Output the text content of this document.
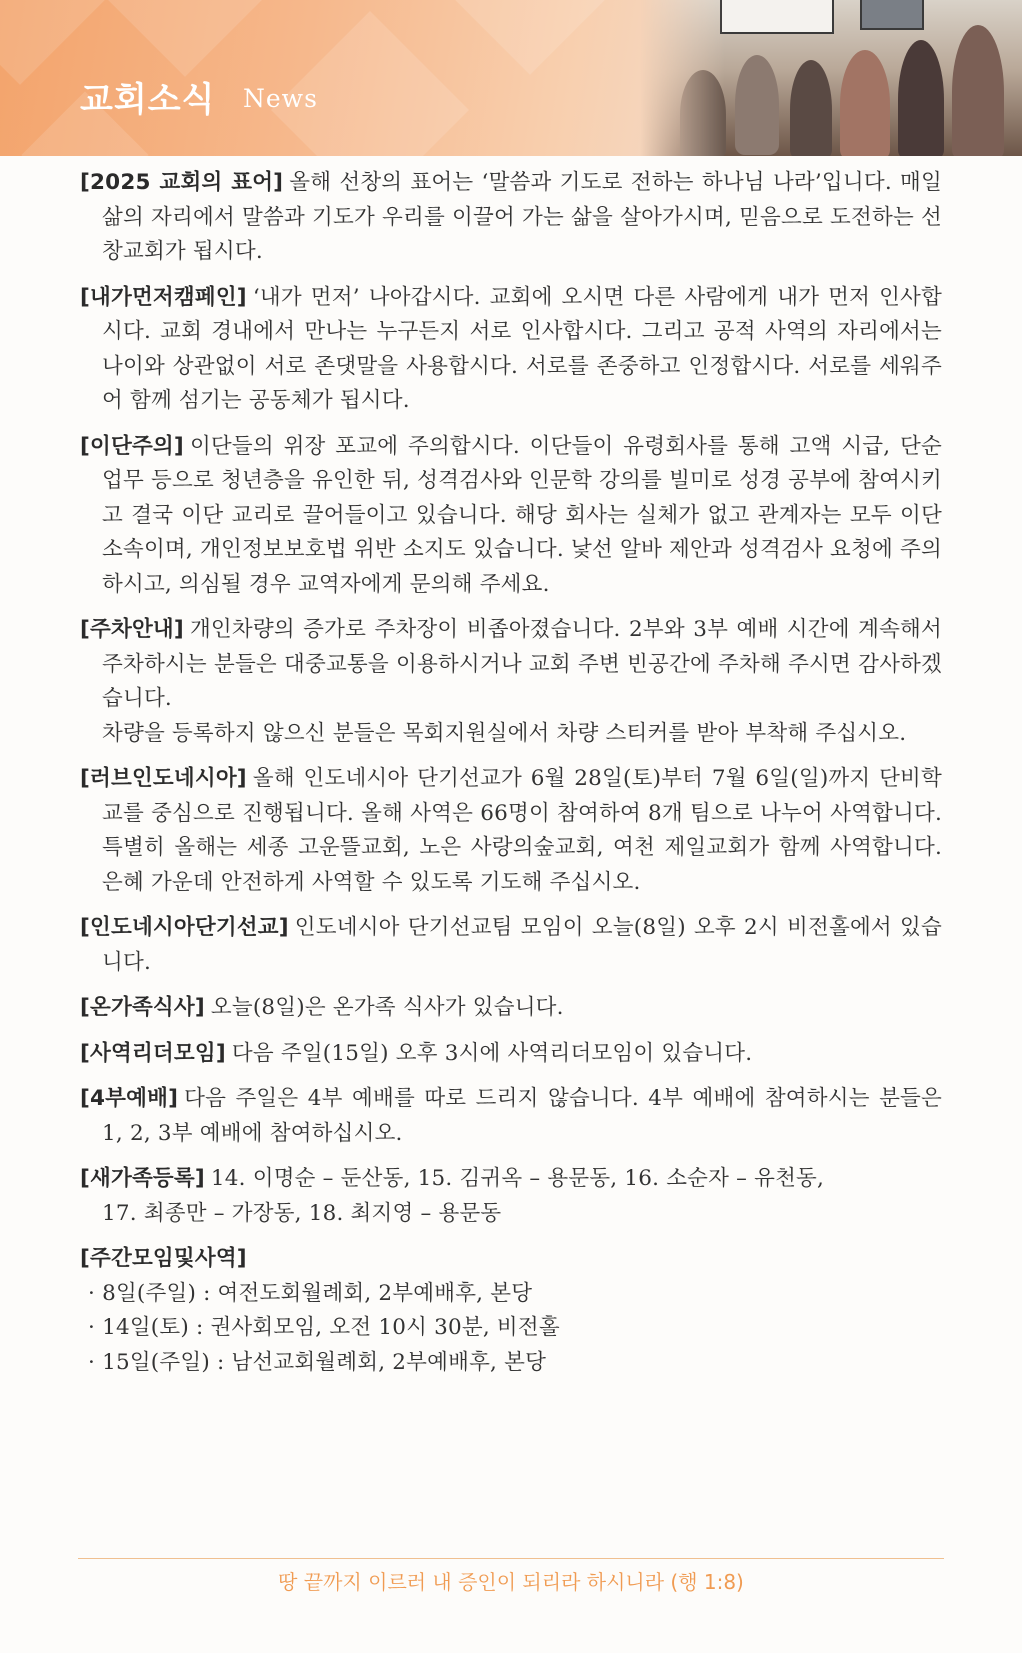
교회소식 News
[2025 교회의 표어] 올해 선창의 표어는 ‘말씀과 기도로 전하는 하나님 나라’입니다. 매일 삶의 자리에서 말씀과 기도가 우리를 이끌어 가는 삶을 살아가시며, 믿음으로 도전하는 선창교회가 됩시다.
[내가먼저캠페인] ‘내가 먼저’ 나아갑시다. 교회에 오시면 다른 사람에게 내가 먼저 인사합시다. 교회 경내에서 만나는 누구든지 서로 인사합시다. 그리고 공적 사역의 자리에서는 나이와 상관없이 서로 존댓말을 사용합시다. 서로를 존중하고 인정합시다. 서로를 세워주어 함께 섬기는 공동체가 됩시다.
[이단주의] 이단들의 위장 포교에 주의합시다. 이단들이 유령회사를 통해 고액 시급, 단순 업무 등으로 청년층을 유인한 뒤, 성격검사와 인문학 강의를 빌미로 성경 공부에 참여시키고 결국 이단 교리로 끌어들이고 있습니다. 해당 회사는 실체가 없고 관계자는 모두 이단 소속이며, 개인정보보호법 위반 소지도 있습니다. 낯선 알바 제안과 성격검사 요청에 주의하시고, 의심될 경우 교역자에게 문의해 주세요.
[주차안내] 개인차량의 증가로 주차장이 비좁아졌습니다. 2부와 3부 예배 시간에 계속해서 주차하시는 분들은 대중교통을 이용하시거나 교회 주변 빈공간에 주차해 주시면 감사하겠습니다.
차량을 등록하지 않으신 분들은 목회지원실에서 차량 스티커를 받아 부착해 주십시오.
[러브인도네시아] 올해 인도네시아 단기선교가 6월 28일(토)부터 7월 6일(일)까지 단비학교를 중심으로 진행됩니다. 올해 사역은 66명이 참여하여 8개 팀으로 나누어 사역합니다. 특별히 올해는 세종 고운뜰교회, 노은 사랑의숲교회, 여천 제일교회가 함께 사역합니다. 은혜 가운데 안전하게 사역할 수 있도록 기도해 주십시오.
[인도네시아단기선교] 인도네시아 단기선교팀 모임이 오늘(8일) 오후 2시 비전홀에서 있습니다.
[온가족식사] 오늘(8일)은 온가족 식사가 있습니다.
[사역리더모임] 다음 주일(15일) 오후 3시에 사역리더모임이 있습니다.
[4부예배] 다음 주일은 4부 예배를 따로 드리지 않습니다. 4부 예배에 참여하시는 분들은 1, 2, 3부 예배에 참여하십시오.
[새가족등록] 14. 이명순 – 둔산동, 15. 김귀옥 – 용문동, 16. 소순자 – 유천동,
17. 최종만 – 가장동, 18. 최지영 – 용문동
[주간모임및사역]
· 8일(주일) : 여전도회월례회, 2부예배후, 본당
· 14일(토) : 권사회모임, 오전 10시 30분, 비전홀
· 15일(주일) : 남선교회월례회, 2부예배후, 본당
땅 끝까지 이르러 내 증인이 되리라 하시니라 (행 1:8)
